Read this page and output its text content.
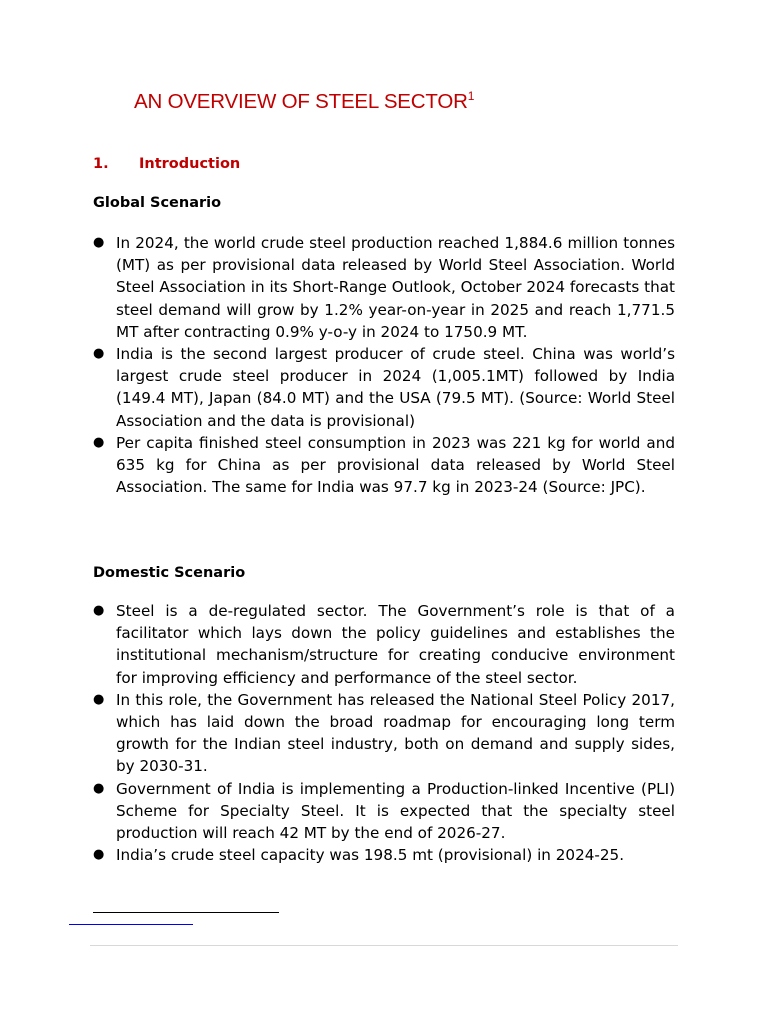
AN OVERVIEW OF STEEL SECTOR$^1$
1. Introduction
Global Scenario
● In 2024, the world crude steel production reached 1,884.6 million tonnes (MT) as per provisional data released by World Steel Association. World Steel Association in its Short-Range Outlook, October 2024 forecasts that steel demand will grow by 1.2% year-on-year in 2025 and reach 1,771.5 MT after contracting 0.9% y-o-y in 2024 to 1750.9 MT.
● India is the second largest producer of crude steel. China was world’s largest crude steel producer in 2024 (1,005.1MT) followed by India (149.4 MT), Japan (84.0 MT) and the USA (79.5 MT). (Source: World Steel Association and the data is provisional)
● Per capita finished steel consumption in 2023 was 221 kg for world and 635 kg for China as per provisional data released by World Steel Association. The same for India was 97.7 kg in 2023-24 (Source: JPC).
Domestic Scenario
● Steel is a de-regulated sector. The Government’s role is that of a facilitator which lays down the policy guidelines and establishes the institutional mechanism/structure for creating conducive environment for improving efficiency and performance of the steel sector.
● In this role, the Government has released the National Steel Policy 2017, which has laid down the broad roadmap for encouraging long term growth for the Indian steel industry, both on demand and supply sides, by 2030-31.
● Government of India is implementing a Production-linked Incentive (PLI) Scheme for Specialty Steel. It is expected that the specialty steel production will reach 42 MT by the end of 2026-27.
● India’s crude steel capacity was 198.5 mt (provisional) in 2024-25.
